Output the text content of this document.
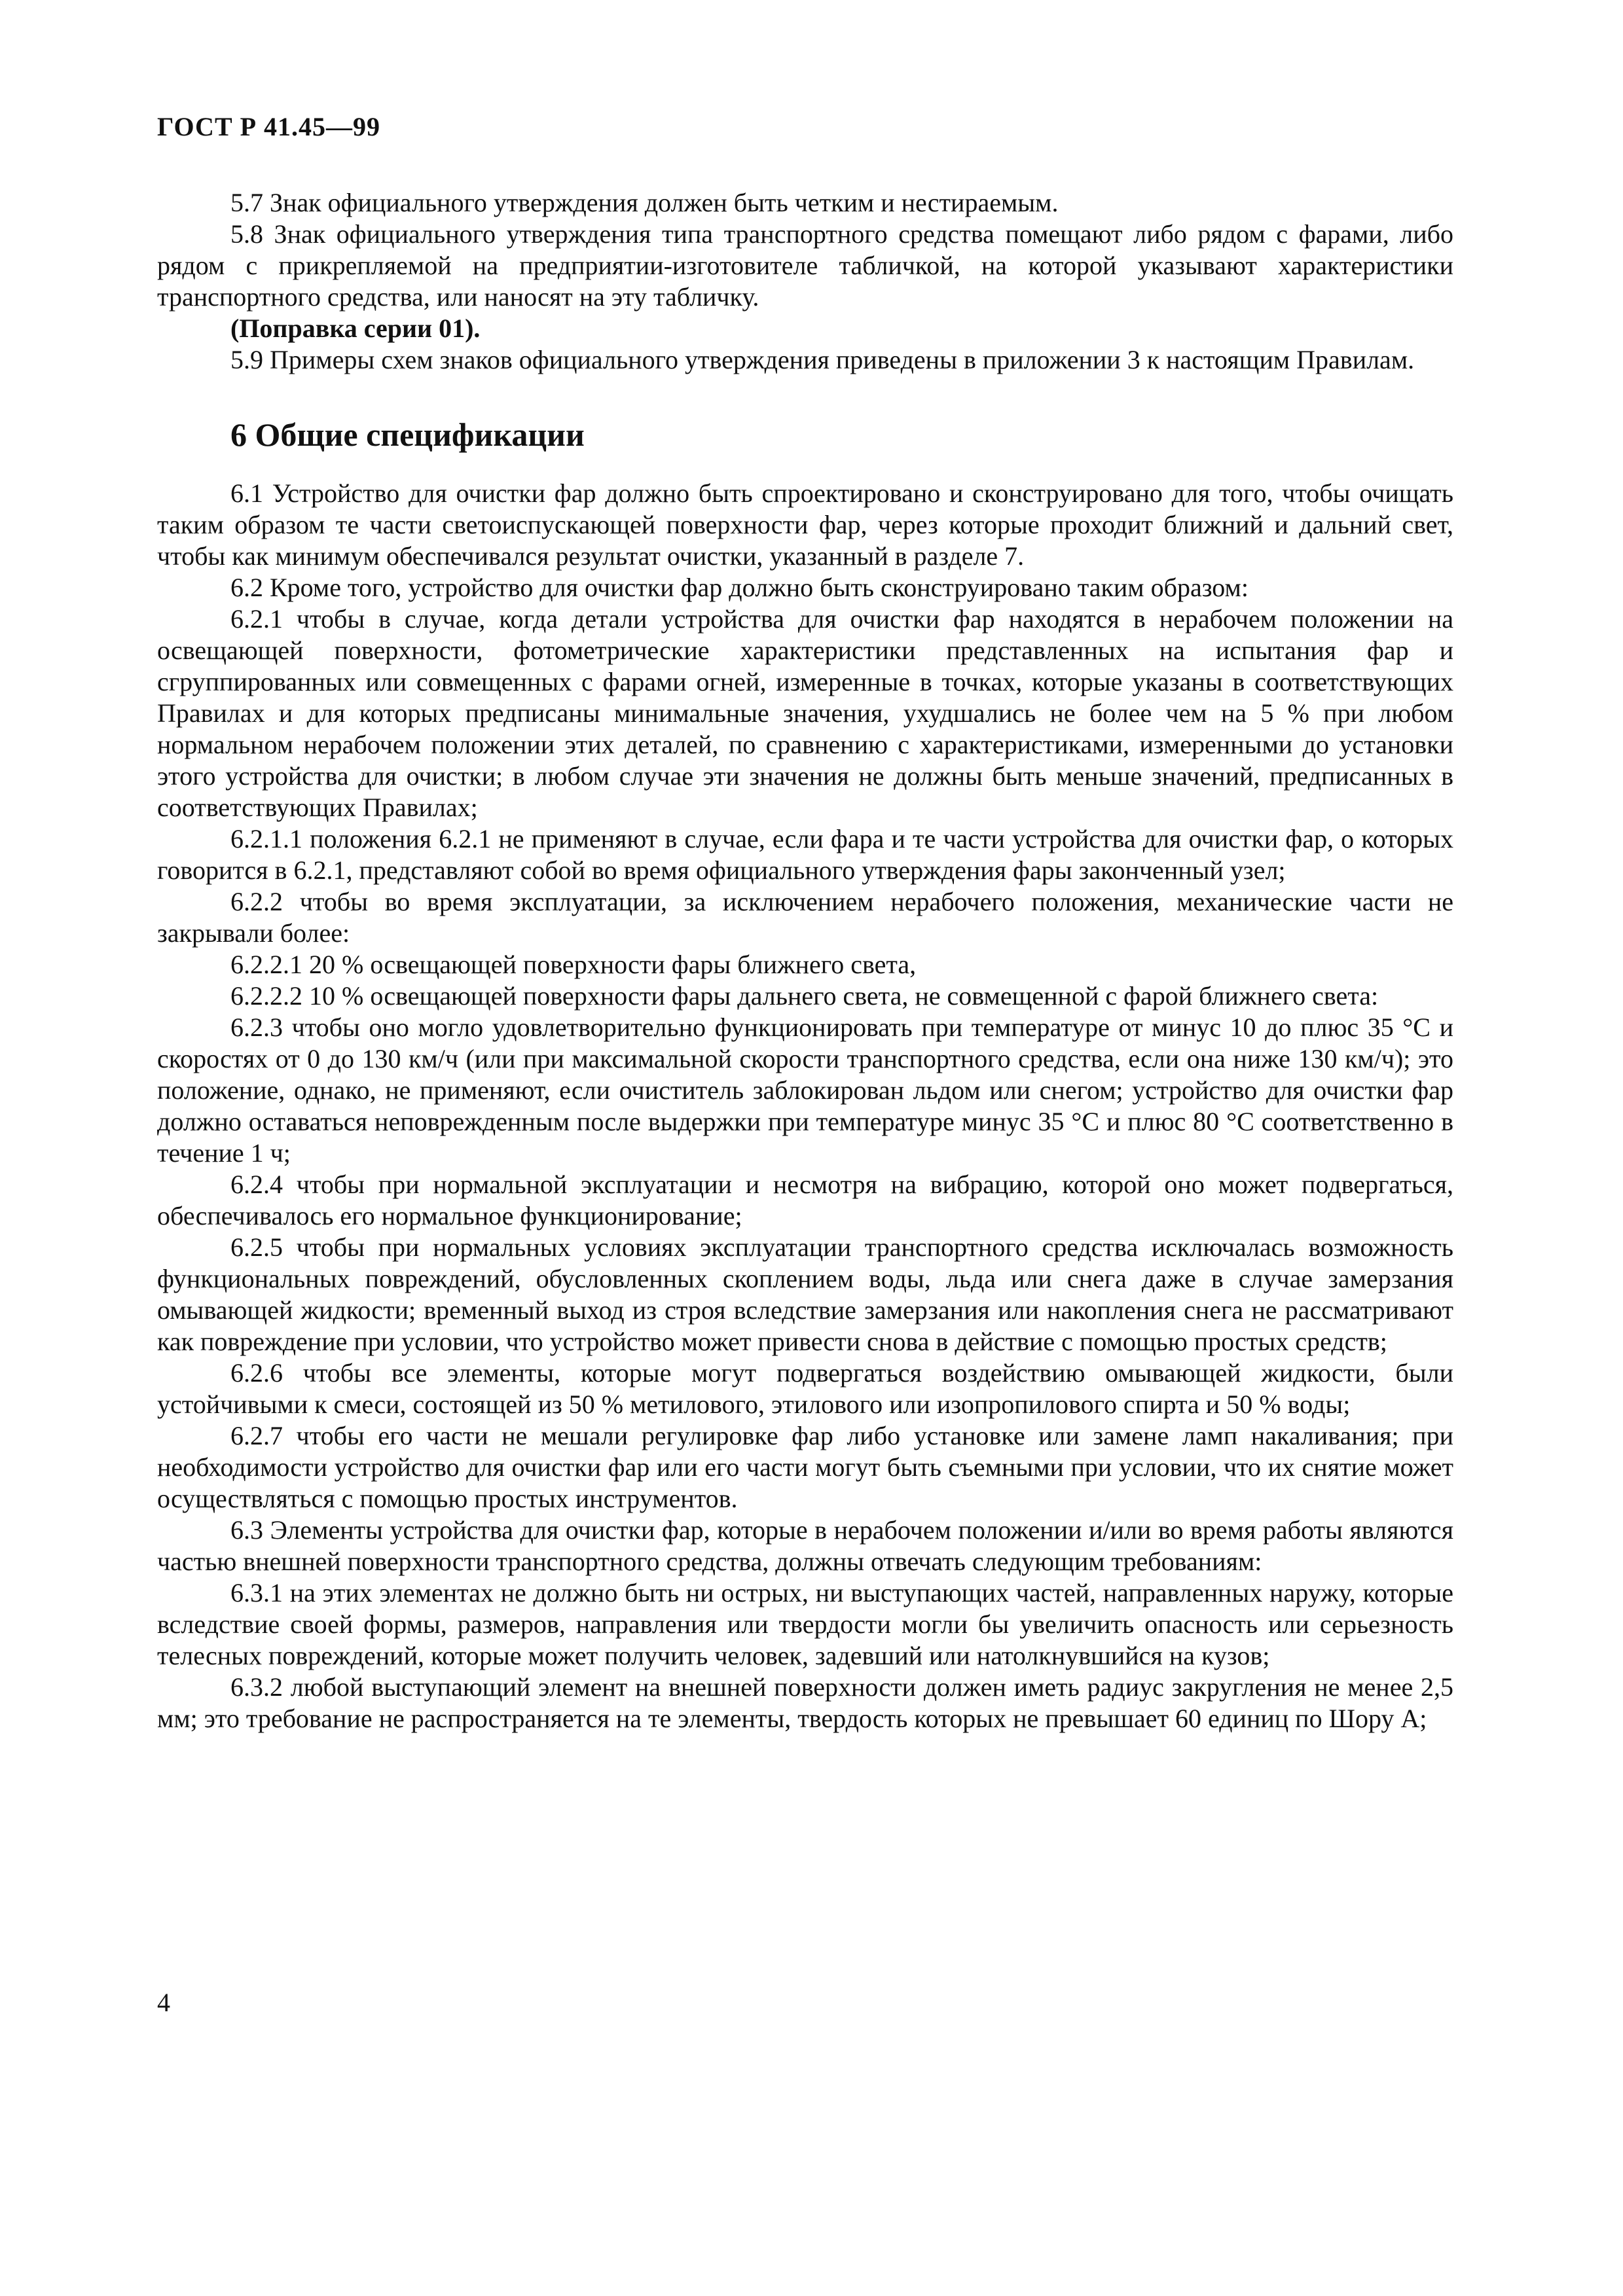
ГОСТ Р 41.45—99

5.7 Знак официального утверждения должен быть четким и нестираемым.

5.8 Знак официального утверждения типа транспортного средства помещают либо рядом с фарами, либо рядом с прикрепляемой на предприятии-изготовителе табличкой, на которой указывают характеристики транспортного средства, или наносят на эту табличку.

(Поправка серии 01).

5.9 Примеры схем знаков официального утверждения приведены в приложении 3 к настоящим Правилам.

6 Общие спецификации

6.1 Устройство для очистки фар должно быть спроектировано и сконструировано для того, чтобы очищать таким образом те части светоиспускающей поверхности фар, через которые проходит ближний и дальний свет, чтобы как минимум обеспечивался результат очистки, указанный в разделе 7.

6.2 Кроме того, устройство для очистки фар должно быть сконструировано таким образом:

6.2.1 чтобы в случае, когда детали устройства для очистки фар находятся в нерабочем положении на освещающей поверхности, фотометрические характеристики представленных на испытания фар и сгруппированных или совмещенных с фарами огней, измеренные в точках, которые указаны в соответствующих Правилах и для которых предписаны минимальные значения, ухудшались не более чем на 5 % при любом нормальном нерабочем положении этих деталей, по сравнению с характеристиками, измеренными до установки этого устройства для очистки; в любом случае эти значения не должны быть меньше значений, предписанных в соответствующих Правилах;

6.2.1.1 положения 6.2.1 не применяют в случае, если фара и те части устройства для очистки фар, о которых говорится в 6.2.1, представляют собой во время официального утверждения фары законченный узел;

6.2.2 чтобы во время эксплуатации, за исключением нерабочего положения, механические части не закрывали более:

6.2.2.1 20 % освещающей поверхности фары ближнего света,

6.2.2.2 10 % освещающей поверхности фары дальнего света, не совмещенной с фарой ближнего света:

6.2.3 чтобы оно могло удовлетворительно функционировать при температуре от минус 10 до плюс 35 °С и скоростях от 0 до 130 км/ч (или при максимальной скорости транспортного средства, если она ниже 130 км/ч); это положение, однако, не применяют, если очиститель заблокирован льдом или снегом; устройство для очистки фар должно оставаться неповрежденным после выдержки при температуре минус 35 °С и плюс 80 °С соответственно в течение 1 ч;

6.2.4 чтобы при нормальной эксплуатации и несмотря на вибрацию, которой оно может подвергаться, обеспечивалось его нормальное функционирование;

6.2.5 чтобы при нормальных условиях эксплуатации транспортного средства исключалась возможность функциональных повреждений, обусловленных скоплением воды, льда или снега даже в случае замерзания омывающей жидкости; временный выход из строя вследствие замерзания или накопления снега не рассматривают как повреждение при условии, что устройство может привести снова в действие с помощью простых средств;

6.2.6 чтобы все элементы, которые могут подвергаться воздействию омывающей жидкости, были устойчивыми к смеси, состоящей из 50 % метилового, этилового или изопропилового спирта и 50 % воды;

6.2.7 чтобы его части не мешали регулировке фар либо установке или замене ламп накаливания; при необходимости устройство для очистки фар или его части могут быть съемными при условии, что их снятие может осуществляться с помощью простых инструментов.

6.3 Элементы устройства для очистки фар, которые в нерабочем положении и/или во время работы являются частью внешней поверхности транспортного средства, должны отвечать следующим требованиям:

6.3.1 на этих элементах не должно быть ни острых, ни выступающих частей, направленных наружу, которые вследствие своей формы, размеров, направления или твердости могли бы увеличить опасность или серьезность телесных повреждений, которые может получить человек, задевший или натолкнувшийся на кузов;

6.3.2 любой выступающий элемент на внешней поверхности должен иметь радиус закругления не менее 2,5 мм; это требование не распространяется на те элементы, твердость которых не превышает 60 единиц по Шору А;

4
